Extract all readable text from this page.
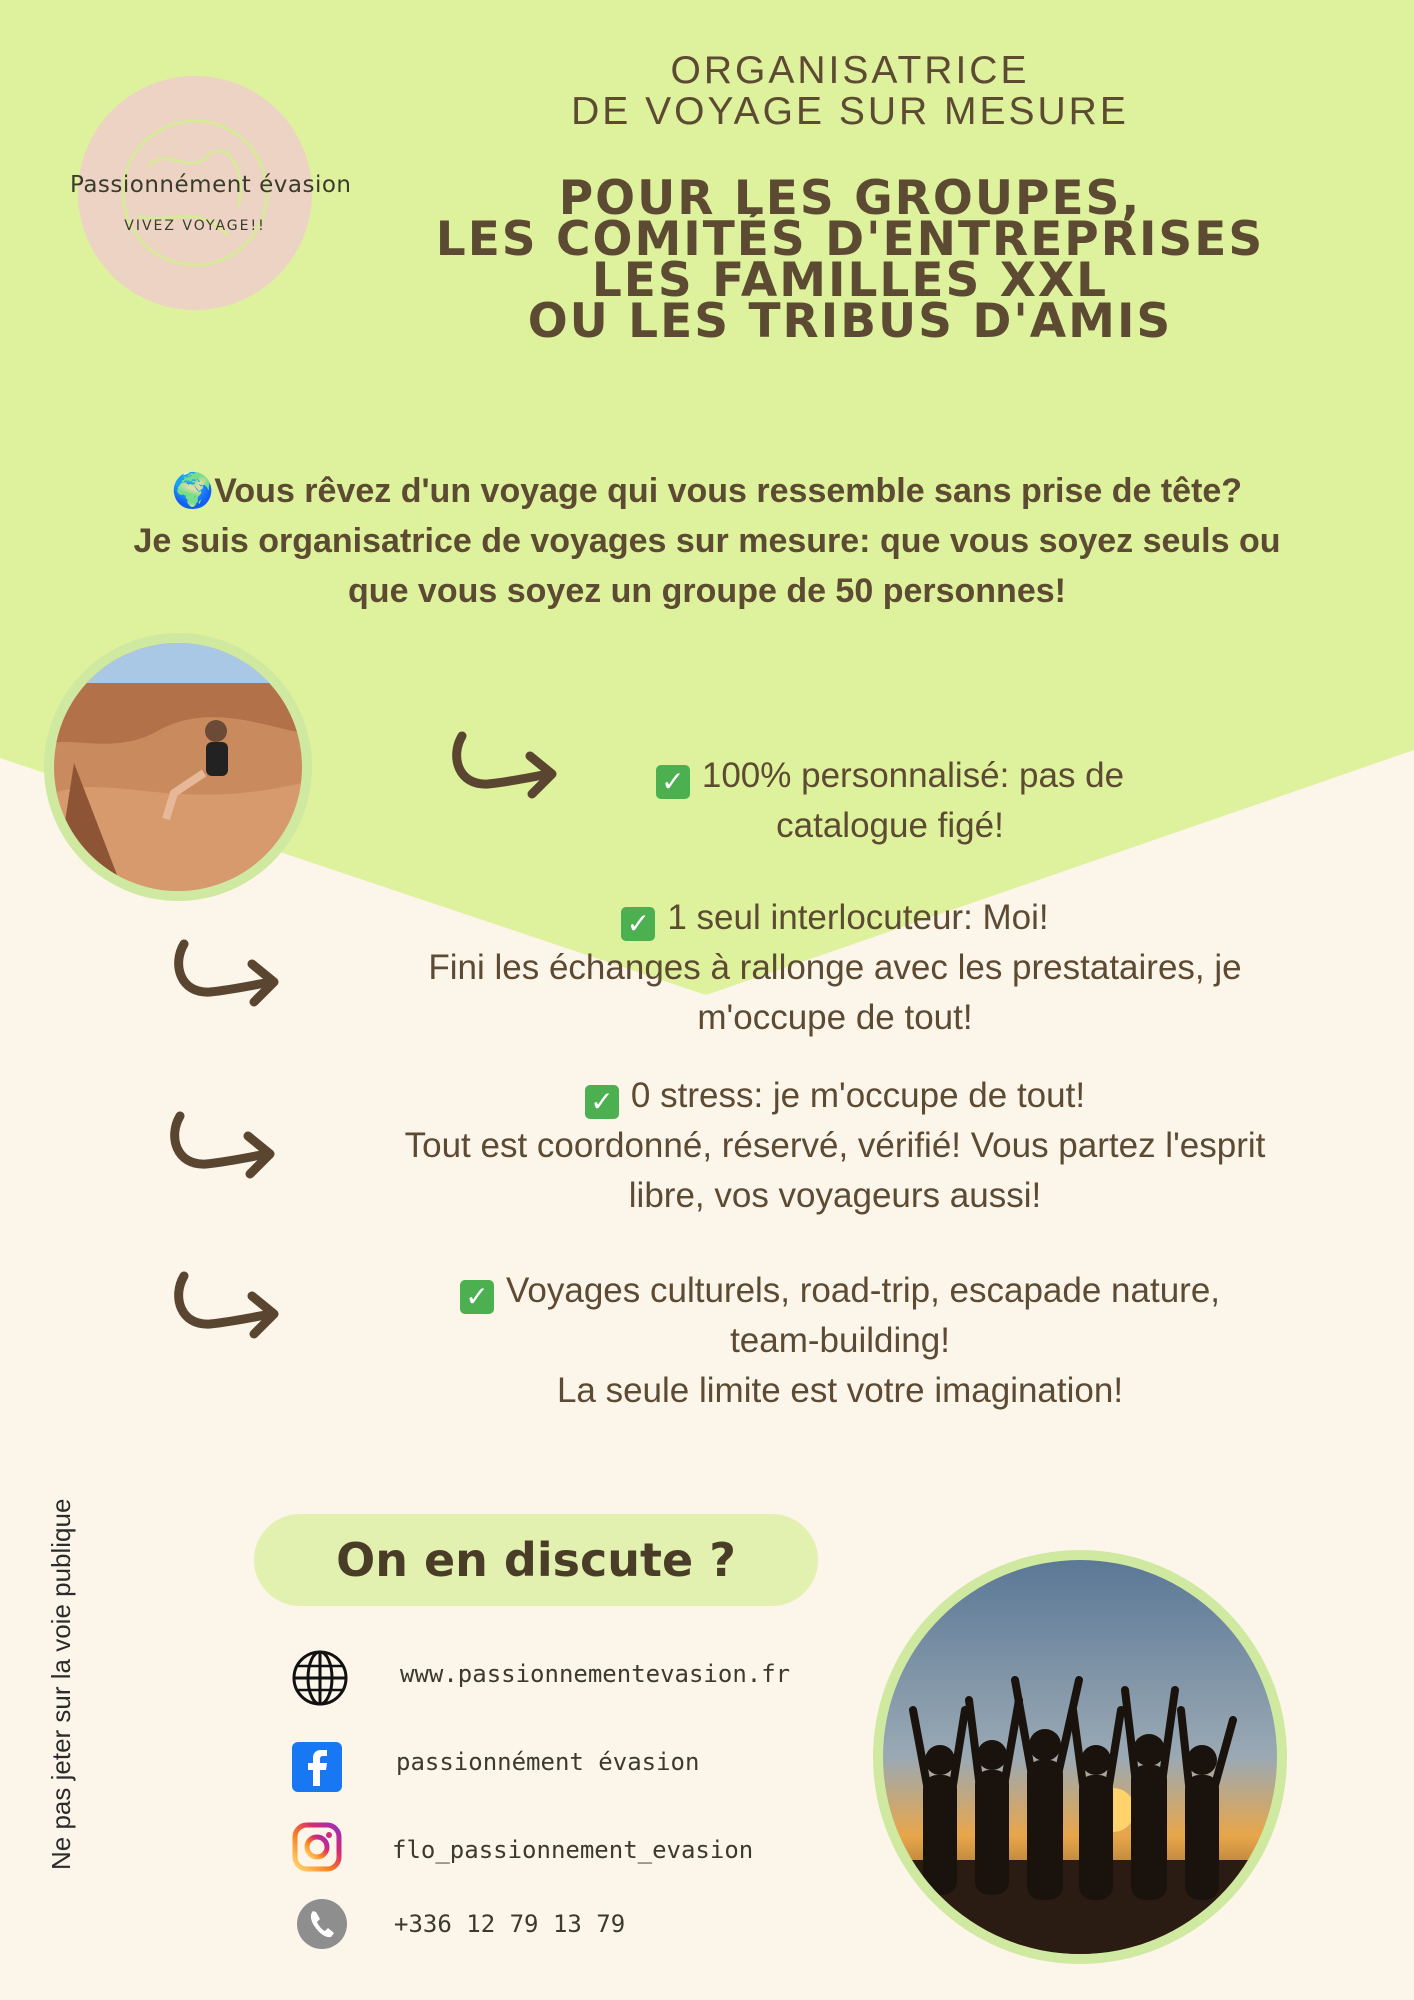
Passionnément évasion
VIVEZ VOYAGE!!
ORGANISATRICE
DE VOYAGE SUR MESURE
POUR LES GROUPES,
LES COMITÉS D'ENTREPRISES
LES FAMILLES XXL
OU LES TRIBUS D'AMIS
🌍Vous rêvez d'un voyage qui vous ressemble sans prise de tête?
Je suis organisatrice de voyages sur mesure: que vous soyez seuls ou
que vous soyez un groupe de 50 personnes!
✓ 100% personnalisé: pas de
catalogue figé!
✓ 1 seul interlocuteur: Moi!
Fini les échanges à rallonge avec les prestataires, je
m'occupe de tout!
✓ 0 stress: je m'occupe de tout!
Tout est coordonné, réservé, vérifié! Vous partez l'esprit
libre, vos voyageurs aussi!
✓ Voyages culturels, road-trip, escapade nature,
team-building!
La seule limite est votre imagination!
On en discute ?
www.passionnementevasion.fr
passionnément évasion
flo_passionnement_evasion
+336 12 79 13 79
Ne pas jeter sur la voie publique
